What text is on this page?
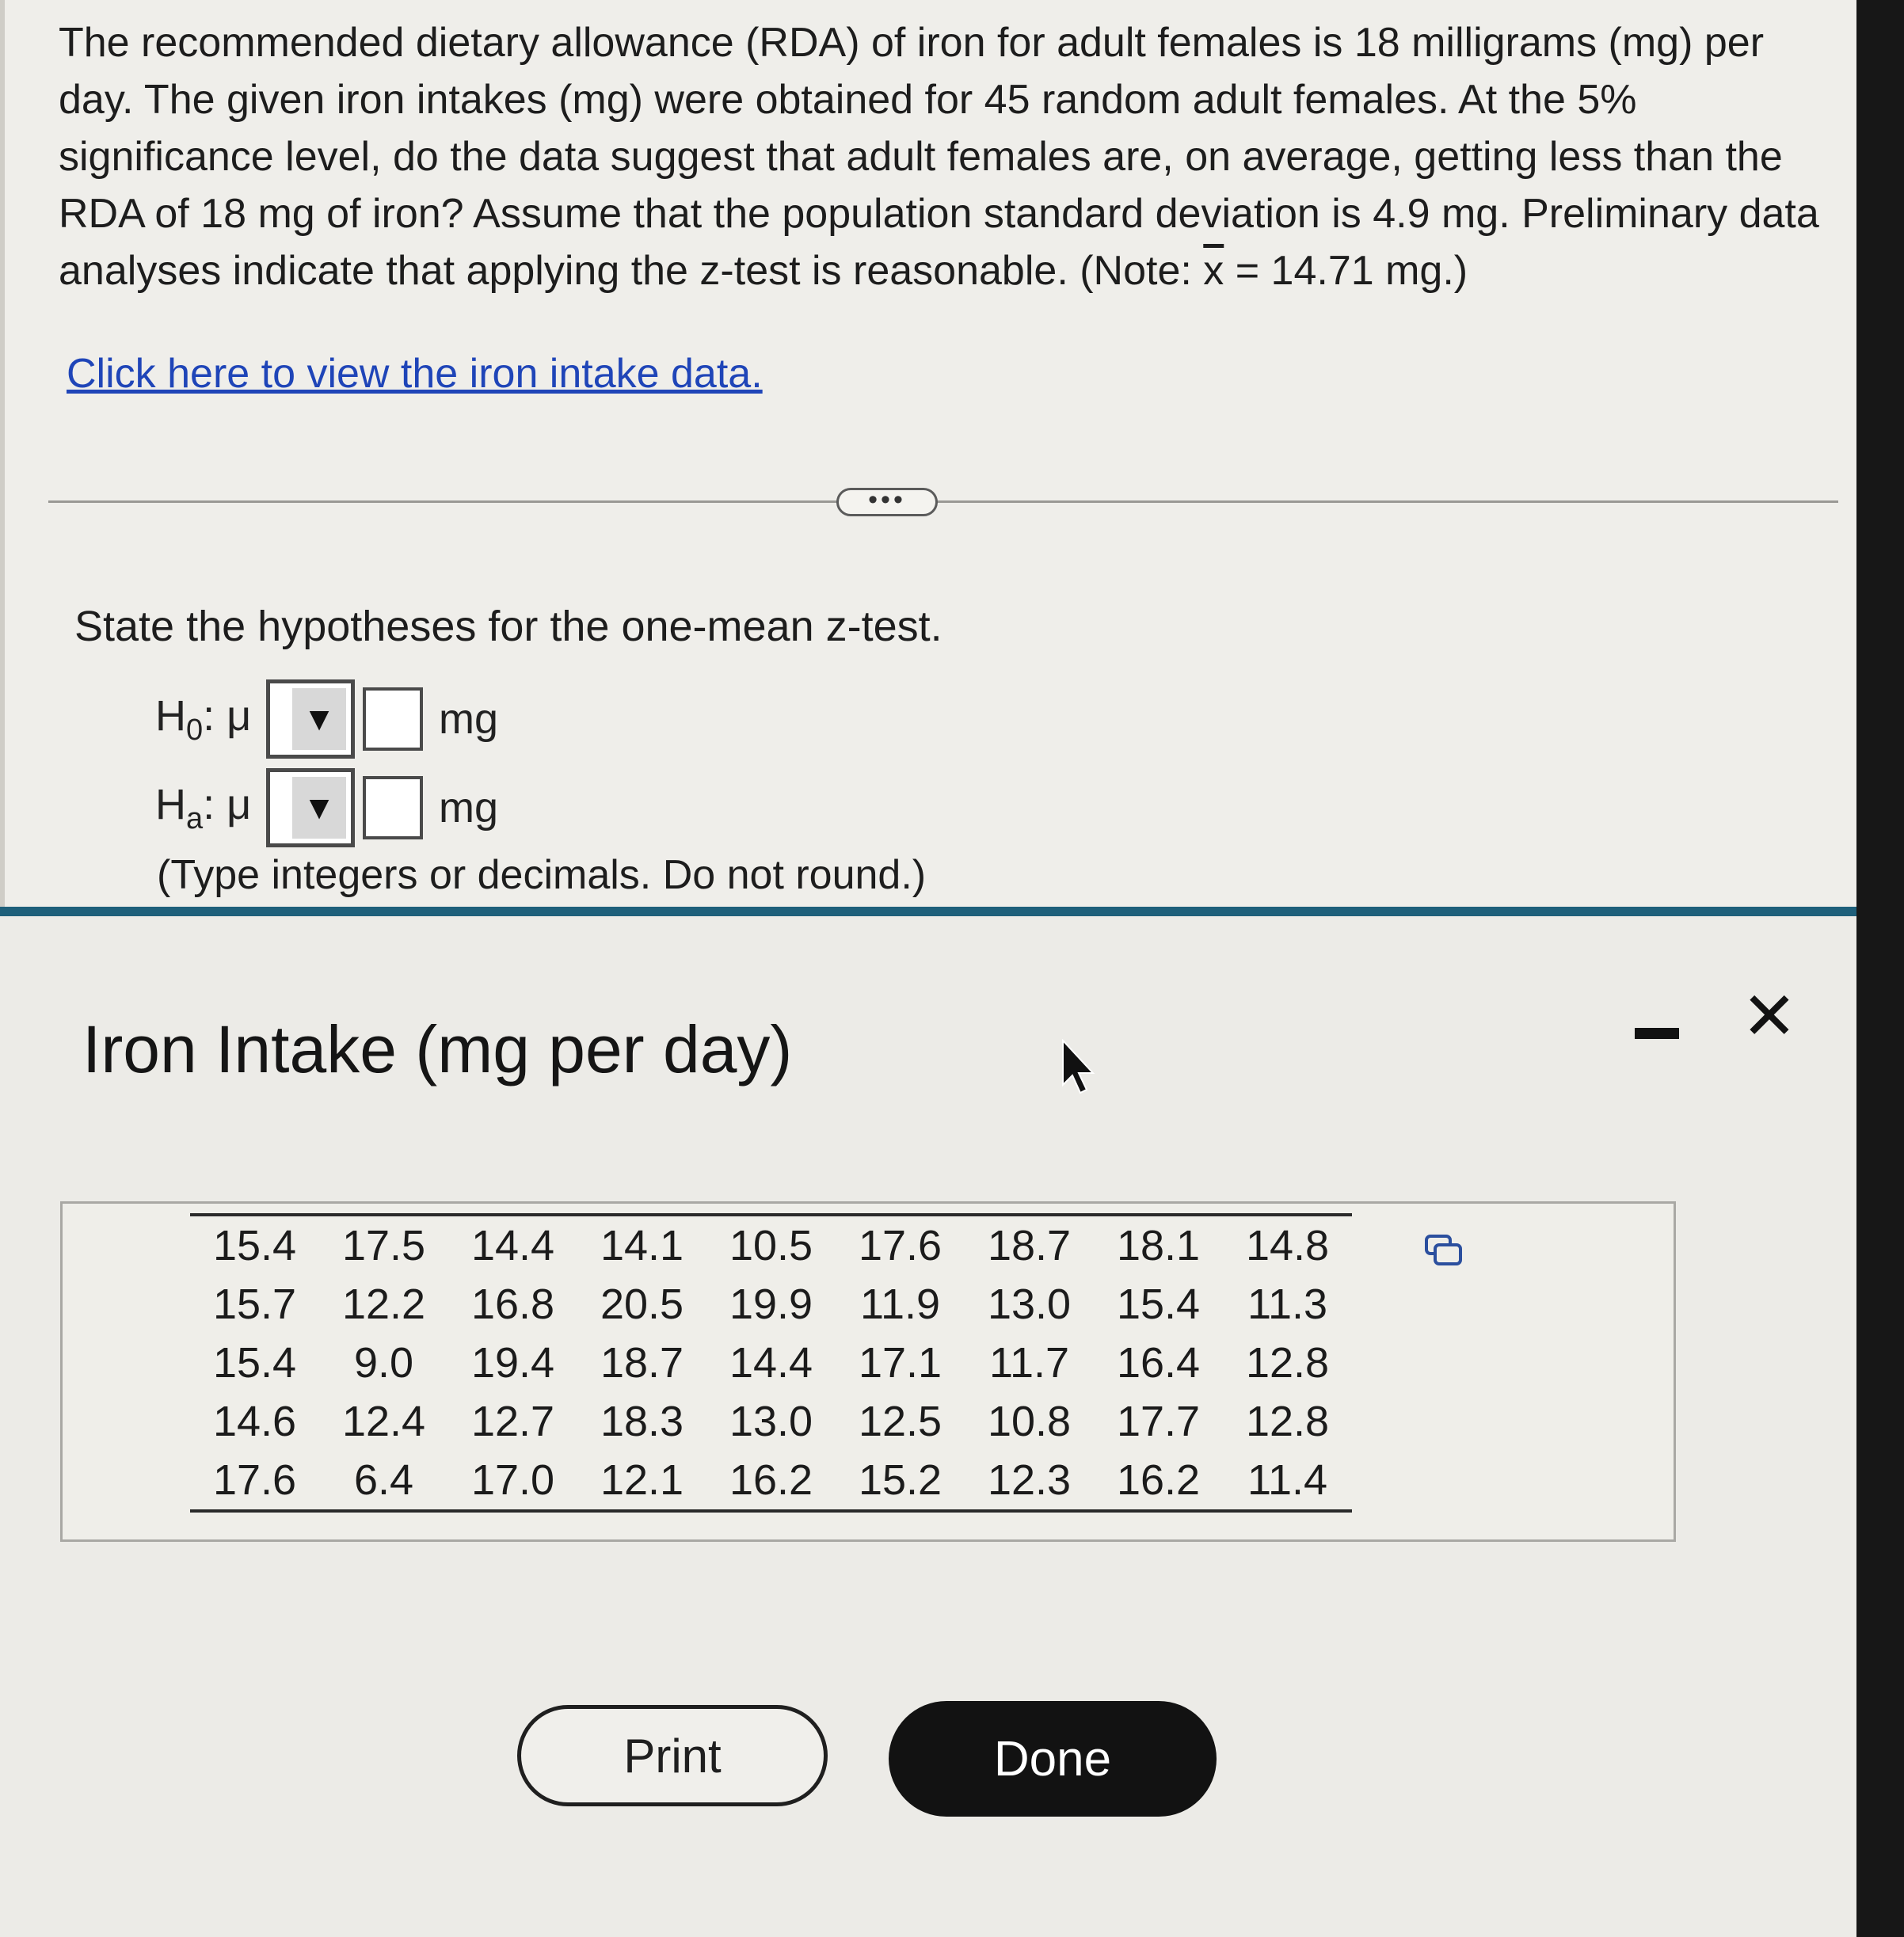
The recommended dietary allowance (RDA) of iron for adult females is 18 milligrams (mg) per day. The given iron intakes (mg) were obtained for 45 random adult females. At the 5% significance level, do the data suggest that adult females are, on average, getting less than the RDA of 18 mg of iron? Assume that the population standard deviation is 4.9 mg. Preliminary data analyses indicate that applying the z-test is reasonable. (Note: $\overline{x} = 14.71$ mg.)
Click here to view the iron intake data.
•••
State the hypotheses for the one-mean z-test.
$H_0$: μ	▼ mg
$H_a$: μ	▼ mg
(Type integers or decimals. Do not round.)
Iron Intake (mg per day)	✕
15.4	17.5	14.4	14.1	10.5	17.6	18.7	18.1	14.8
15.7	12.2	16.8	20.5	19.9	11.9	13.0	15.4	11.3
15.4	9.0	19.4	18.7	14.4	17.1	11.7	16.4	12.8
14.6	12.4	12.7	18.3	13.0	12.5	10.8	17.7	12.8
17.6	6.4	17.0	12.1	16.2	15.2	12.3	16.2	11.4
Print	Done
